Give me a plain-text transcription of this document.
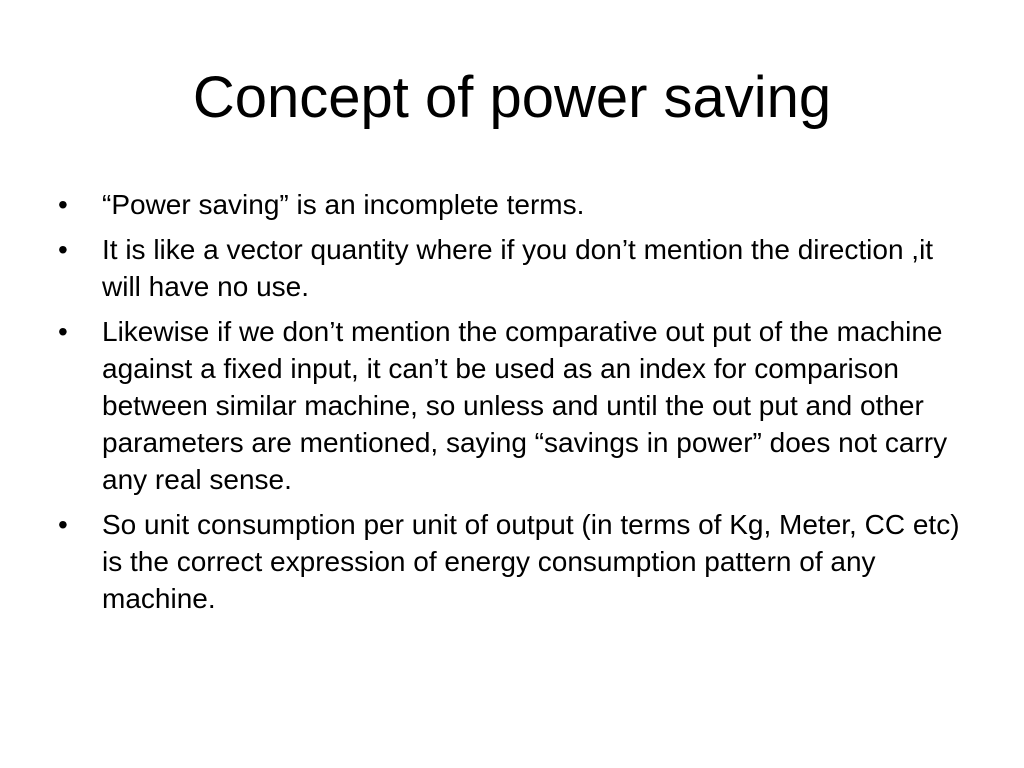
Concept of power saving
•	“Power saving” is an incomplete terms.
•	It is like a vector quantity where if you don’t mention the direction ,it will have no use.
•	Likewise if we don’t mention the comparative out put of the machine against a fixed input, it can’t be used as an index for comparison between similar machine, so unless and until the out put and other parameters are mentioned, saying “savings in power” does not carry any real sense.
•	So unit consumption per unit of output (in terms of Kg, Meter, CC etc) is the correct expression of energy consumption pattern of any machine.
